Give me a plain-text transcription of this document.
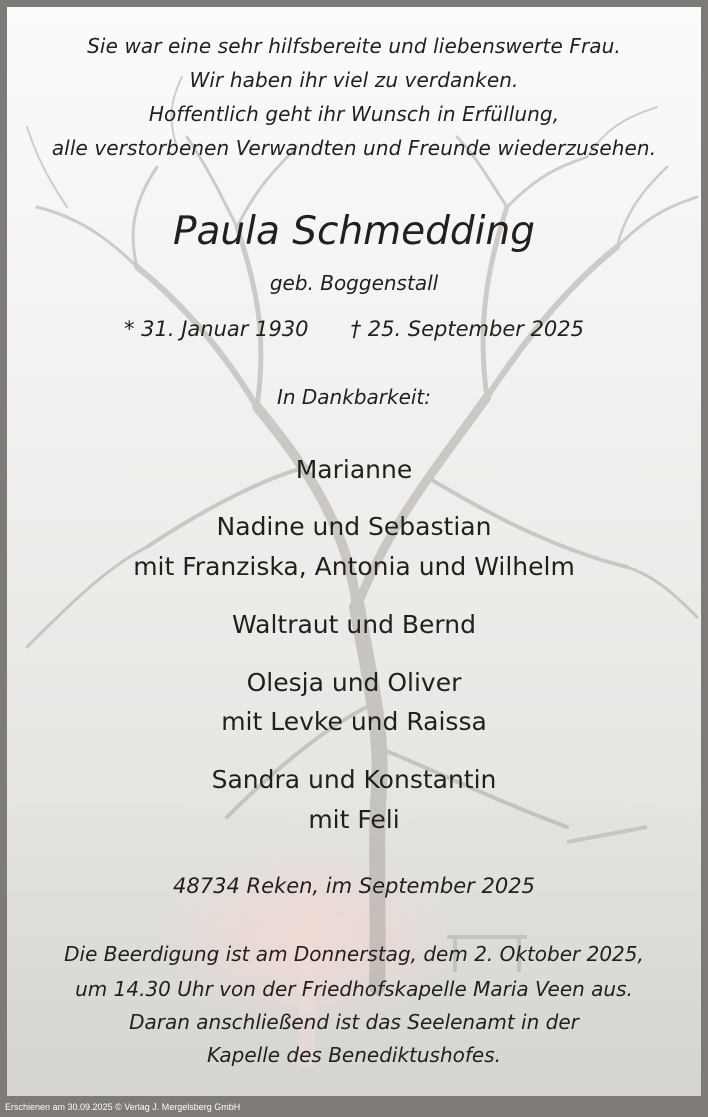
Sie war eine sehr hilfsbereite und liebenswerte Frau.
Wir haben ihr viel zu verdanken.
Hoffentlich geht ihr Wunsch in Erfüllung,
alle verstorbenen Verwandten und Freunde wiederzusehen.
Paula Schmedding
geb. Boggenstall
* 31. Januar 1930 † 25. September 2025
In Dankbarkeit:
Marianne
Nadine und Sebastian
mit Franziska, Antonia und Wilhelm
Waltraut und Bernd
Olesja und Oliver
mit Levke und Raissa
Sandra und Konstantin
mit Feli
48734 Reken, im September 2025
Die Beerdigung ist am Donnerstag, dem 2. Oktober 2025,
um 14.30 Uhr von der Friedhofskapelle Maria Veen aus.
Daran anschließend ist das Seelenamt in der
Kapelle des Benediktushofes.
Erschienen am 30.09.2025 © Verlag J. Mergelsberg GmbH
